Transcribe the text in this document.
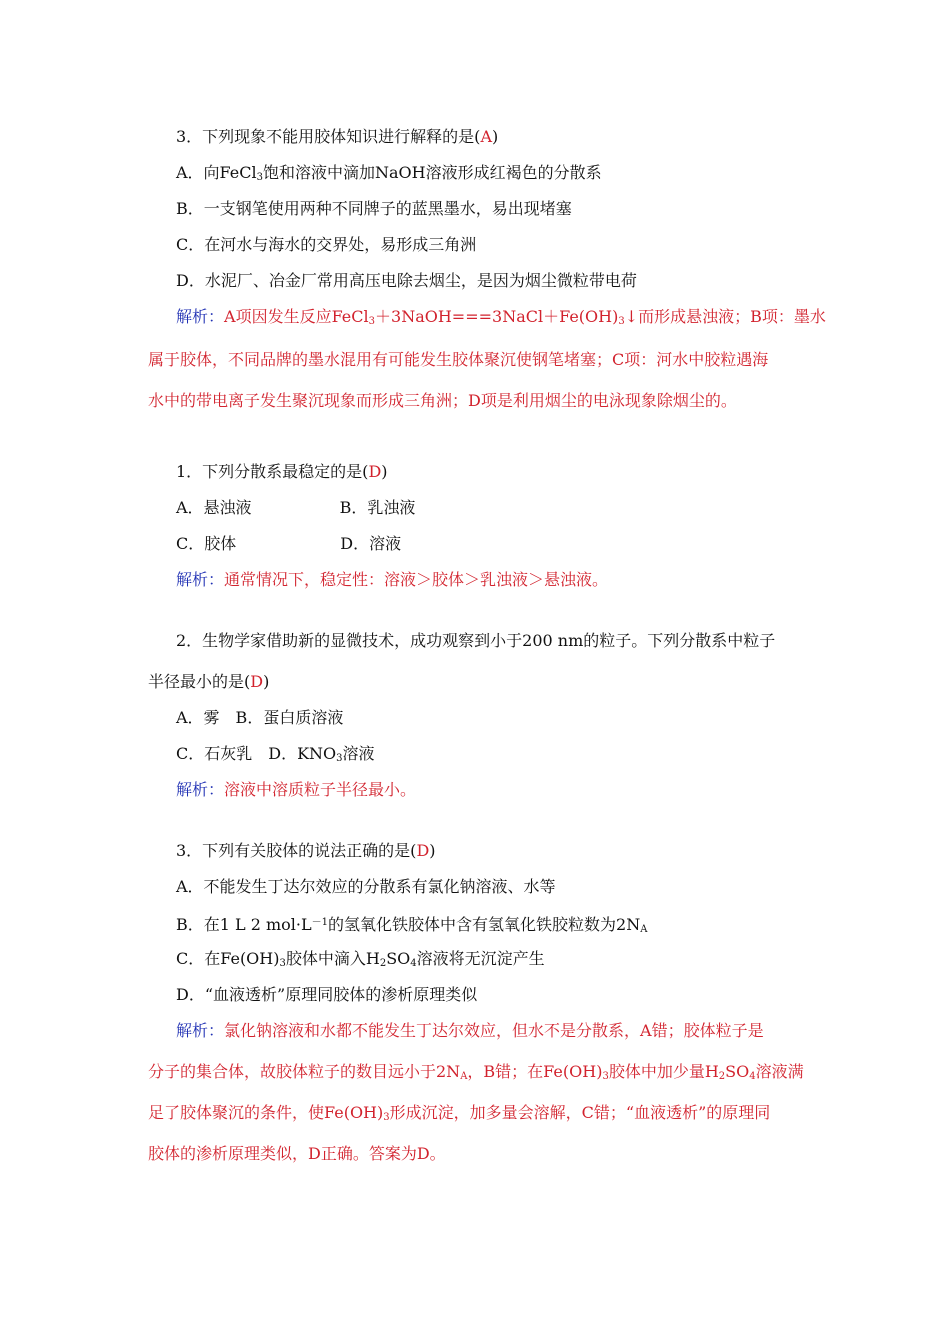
3．下列现象不能用胶体知识进行解释的是(A)
A．向FeCl$_3$饱和溶液中滴加NaOH溶液形成红褐色的分散系
B．一支钢笔使用两种不同牌子的蓝黑墨水，易出现堵塞
C．在河水与海水的交界处，易形成三角洲
D．水泥厂、冶金厂常用高压电除去烟尘，是因为烟尘微粒带电荷
解析：A项因发生反应$FeCl_3+3NaOH===3NaCl+Fe(OH)_3↓$而形成悬浊液；B项：墨水
属于胶体，不同品牌的墨水混用有可能发生胶体聚沉使钢笔堵塞；C项：河水中胶粒遇海
水中的带电离子发生聚沉现象而形成三角洲；D项是利用烟尘的电泳现象除烟尘的。
1．下列分散系最稳定的是(D)
A．悬浊液	B．乳浊液
C．胶体	D．溶液
解析：通常情况下，稳定性：溶液＞胶体＞乳浊液＞悬浊液。
2．生物学家借助新的显微技术，成功观察到小于200 nm的粒子。下列分散系中粒子
半径最小的是(D)
A．雾　B．蛋白质溶液
C．石灰乳　D．$KNO_3$溶液
解析：溶液中溶质粒子半径最小。
3．下列有关胶体的说法正确的是(D)
A．不能发生丁达尔效应的分散系有氯化钠溶液、水等
B．在1 L 2 $mol\cdot L^{-1}$的氢氧化铁胶体中含有氢氧化铁胶粒数为$2N_A$
C．在$Fe(OH)_3$胶体中滴入$H_2SO_4$溶液将无沉淀产生
D．“血液透析”原理同胶体的渗析原理类似
解析：氯化钠溶液和水都不能发生丁达尔效应，但水不是分散系，A错；胶体粒子是
分子的集合体，故胶体粒子的数目远小于$2N_A$，B错；在$Fe(OH)_3$胶体中加少量$H_2SO_4$溶液满
足了胶体聚沉的条件，使$Fe(OH)_3$形成沉淀，加多量会溶解，C错；“血液透析”的原理同
胶体的渗析原理类似，D正确。答案为D。
